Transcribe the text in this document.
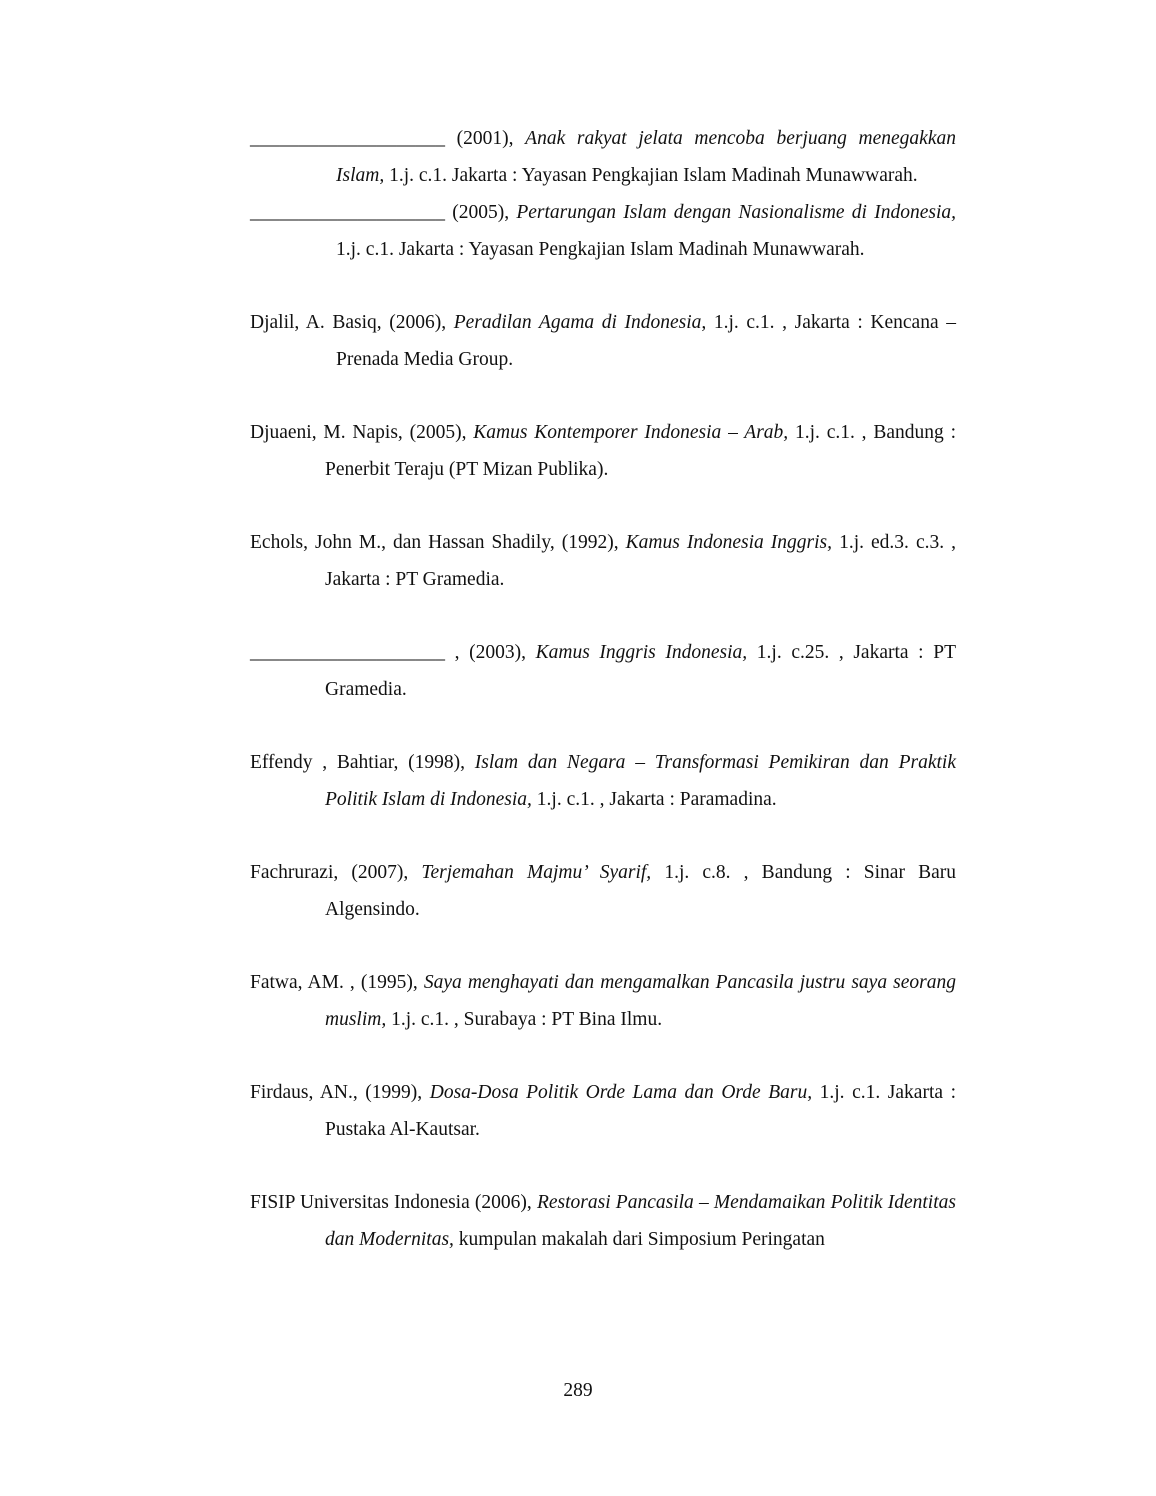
____________________ (2001), Anak rakyat jelata mencoba berjuang menegakkan Islam, 1.j. c.1. Jakarta : Yayasan Pengkajian Islam Madinah Munawwarah.

____________________ (2005), Pertarungan Islam dengan Nasionalisme di Indonesia, 1.j. c.1. Jakarta : Yayasan Pengkajian Islam Madinah Munawwarah.

Djalil, A. Basiq, (2006), Peradilan Agama di Indonesia, 1.j. c.1. , Jakarta : Kencana – Prenada Media Group.

Djuaeni, M. Napis, (2005), Kamus Kontemporer Indonesia – Arab, 1.j. c.1. , Bandung : Penerbit Teraju (PT Mizan Publika).

Echols, John M., dan Hassan Shadily, (1992), Kamus Indonesia Inggris, 1.j. ed.3. c.3. , Jakarta : PT Gramedia.

____________________ , (2003), Kamus Inggris Indonesia, 1.j. c.25. , Jakarta : PT Gramedia.

Effendy , Bahtiar, (1998), Islam dan Negara – Transformasi Pemikiran dan Praktik Politik Islam di Indonesia, 1.j. c.1. , Jakarta : Paramadina.

Fachrurazi, (2007), Terjemahan Majmu’ Syarif, 1.j. c.8. , Bandung : Sinar Baru Algensindo.

Fatwa, AM. , (1995), Saya menghayati dan mengamalkan Pancasila justru saya seorang muslim, 1.j. c.1. , Surabaya : PT Bina Ilmu.

Firdaus, AN., (1999), Dosa-Dosa Politik Orde Lama dan Orde Baru, 1.j. c.1. Jakarta : Pustaka Al-Kautsar.

FISIP Universitas Indonesia (2006), Restorasi Pancasila – Mendamaikan Politik Identitas dan Modernitas, kumpulan makalah dari Simposium Peringatan

289
